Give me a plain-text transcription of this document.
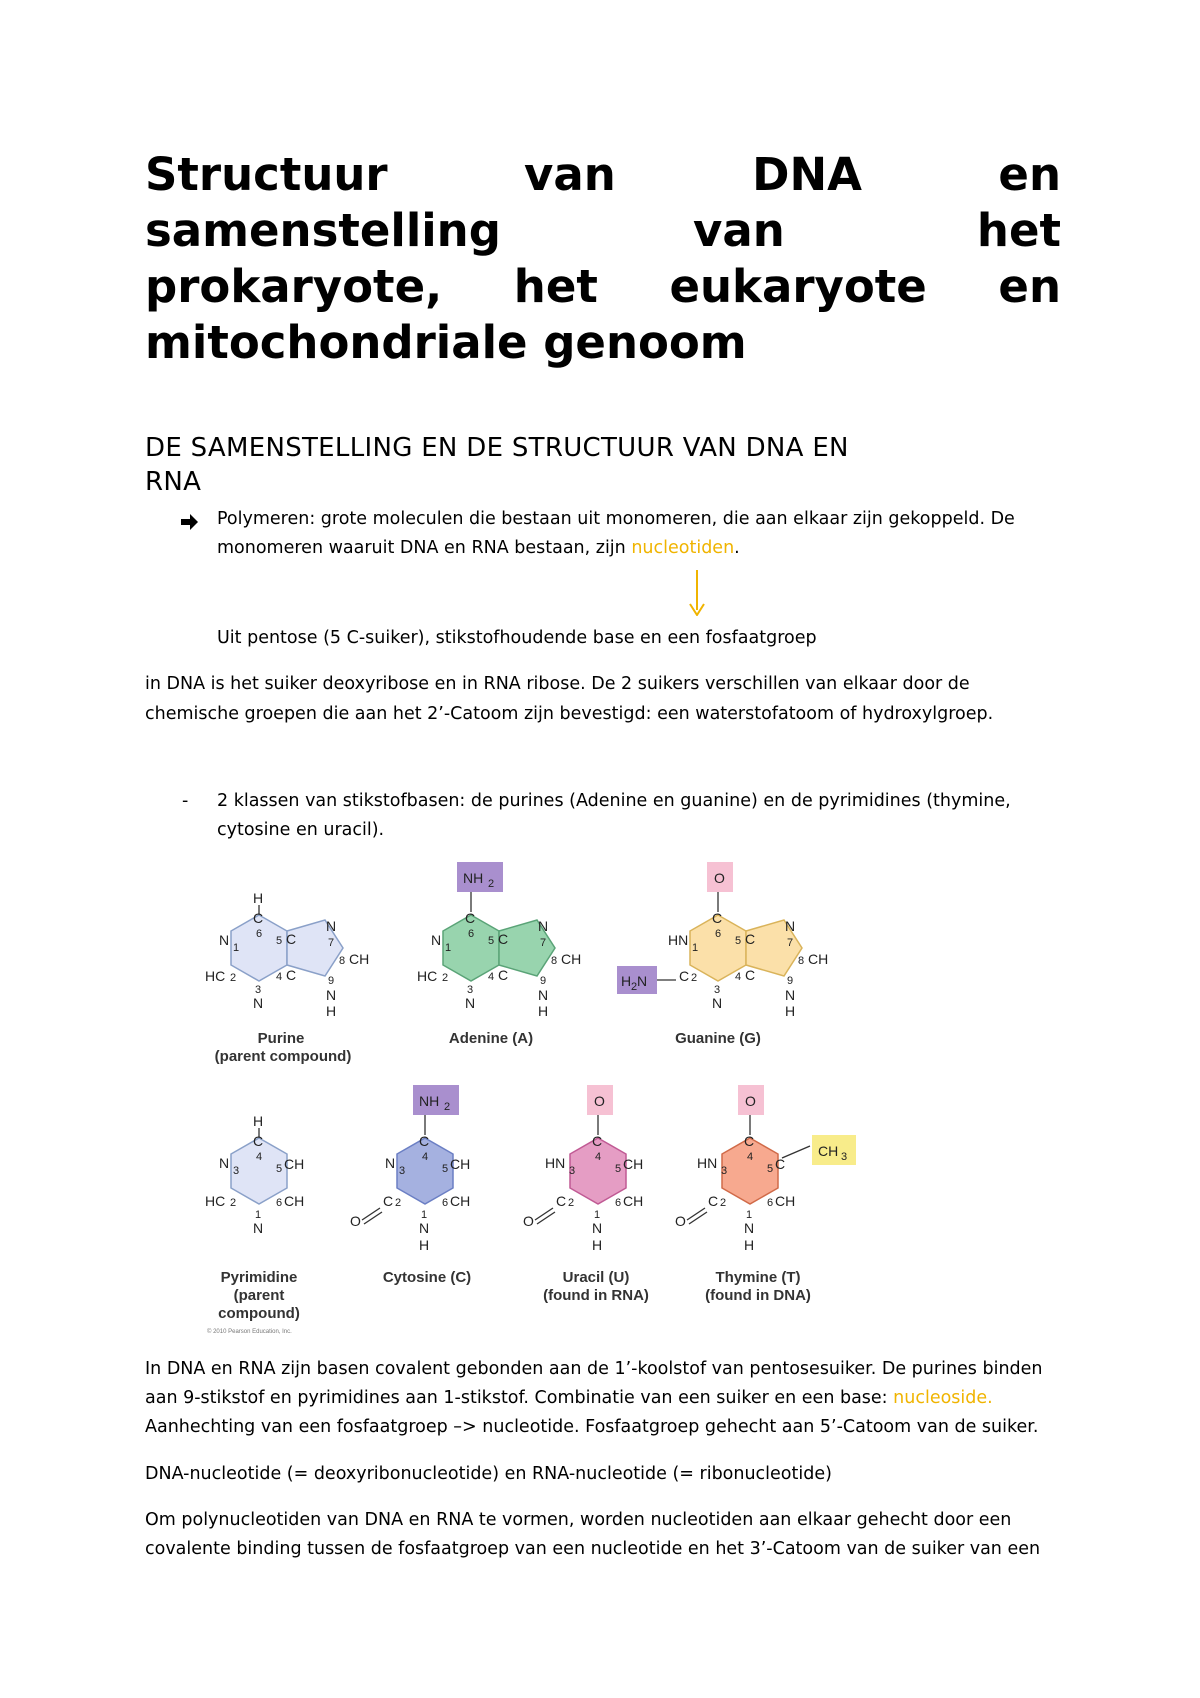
Structuur	van	DNA	en
samenstelling	van	het
prokaryote, het eukaryote en
mitochondriale genoom
DE SAMENSTELLING EN DE STRUCTUUR VAN DNA EN
RNA
Polymeren: grote moleculen die bestaan uit monomeren, die aan elkaar zijn gekoppeld. De
monomeren waaruit DNA en RNA bestaan, zijn nucleotiden.
Uit pentose (5 C-suiker), stikstofhoudende base en een fosfaatgroep
in DNA is het suiker deoxyribose en in RNA ribose. De 2 suikers verschillen van elkaar door de
chemische groepen die aan het 2’-Catoom zijn bevestigd: een waterstofatoom of hydroxylgroep.
- 2 klassen van stikstofbasen: de purines (Adenine en guanine) en de pyrimidines (thymine,
cytosine en uracil).
H
C
6
N 1
HC 2
3
N
5 C
4 C
N
7
8 CH
9
N
H
Purine
(parent compound)
NH 2
C
6
N 1
HC 2
3
N
5 C
4 C
N
7
8 CH
9
N
H
Adenine (A)
O
C
6
HN 1
H 2 N C 2
3
N
5 C
4 C
N
7
8 CH
9
N
H
Guanine (G)
H
C
4
N 3	5 CH
HC 2	6 CH
1
N
Pyrimidine
(parent
compound)
© 2010 Pearson Education, Inc.
NH 2
C
4
N 3	5 CH
O
C 2	6 CH
1
N
H
Cytosine (C)
O
C
4
HN 3	5 CH
O
C 2	6 CH
1
N
H
Uracil (U)
(found in RNA)
O
CH 3
C
4
HN 3	5 C
O
C 2	6 CH
1
N
H
Thymine (T)
(found in DNA)
In DNA en RNA zijn basen covalent gebonden aan de 1’-koolstof van pentosesuiker. De purines binden
aan 9-stikstof en pyrimidines aan 1-stikstof. Combinatie van een suiker en een base: nucleoside.
Aanhechting van een fosfaatgroep –> nucleotide. Fosfaatgroep gehecht aan 5’-Catoom van de suiker.
DNA-nucleotide (= deoxyribonucleotide) en RNA-nucleotide (= ribonucleotide)
Om polynucleotiden van DNA en RNA te vormen, worden nucleotiden aan elkaar gehecht door een
covalente binding tussen de fosfaatgroep van een nucleotide en het 3’-Catoom van de suiker van een
